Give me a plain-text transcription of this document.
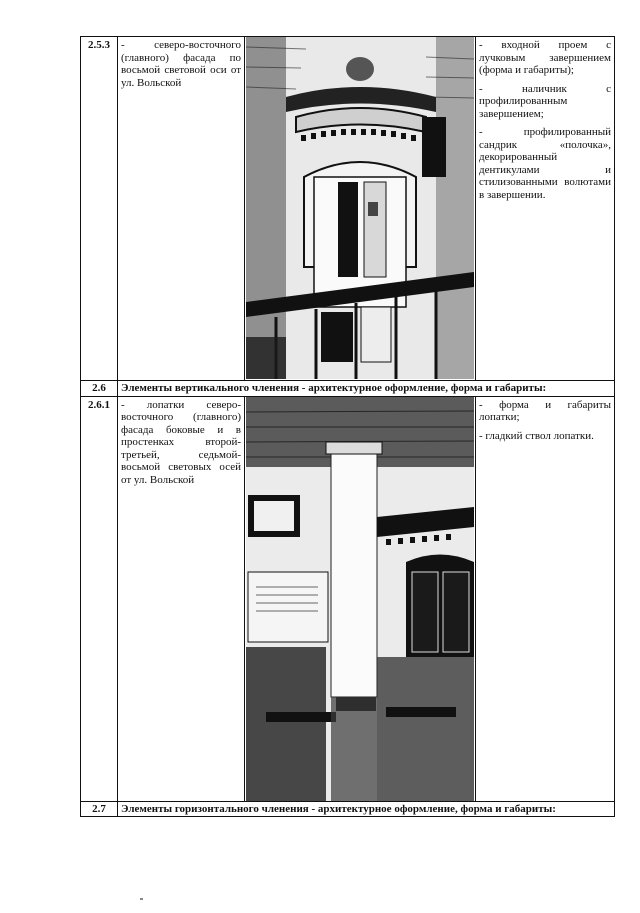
2.5.3	- северо-восточного (главного) фасада по восьмой световой оси от ул. Вольской		- входной проем с лучковым завершением (форма и габариты);

- наличник с профилированным завершением;

- профилированный сандрик «полочка», декорированный дентикулами и стилизованными волютами в завершении.

2.6	Элементы вертикального членения - архитектурное оформление, форма и габариты:		
2.6.1	- лопатки северо-восточного (главного) фасада боковые и в простенках второй-третьей, седьмой-восьмой световых осей от ул. Вольской		- форма и габариты лопатки;

- гладкий ствол лопатки.

2.7	Элементы горизонтального членения - архитектурное оформление, форма и габариты:		
